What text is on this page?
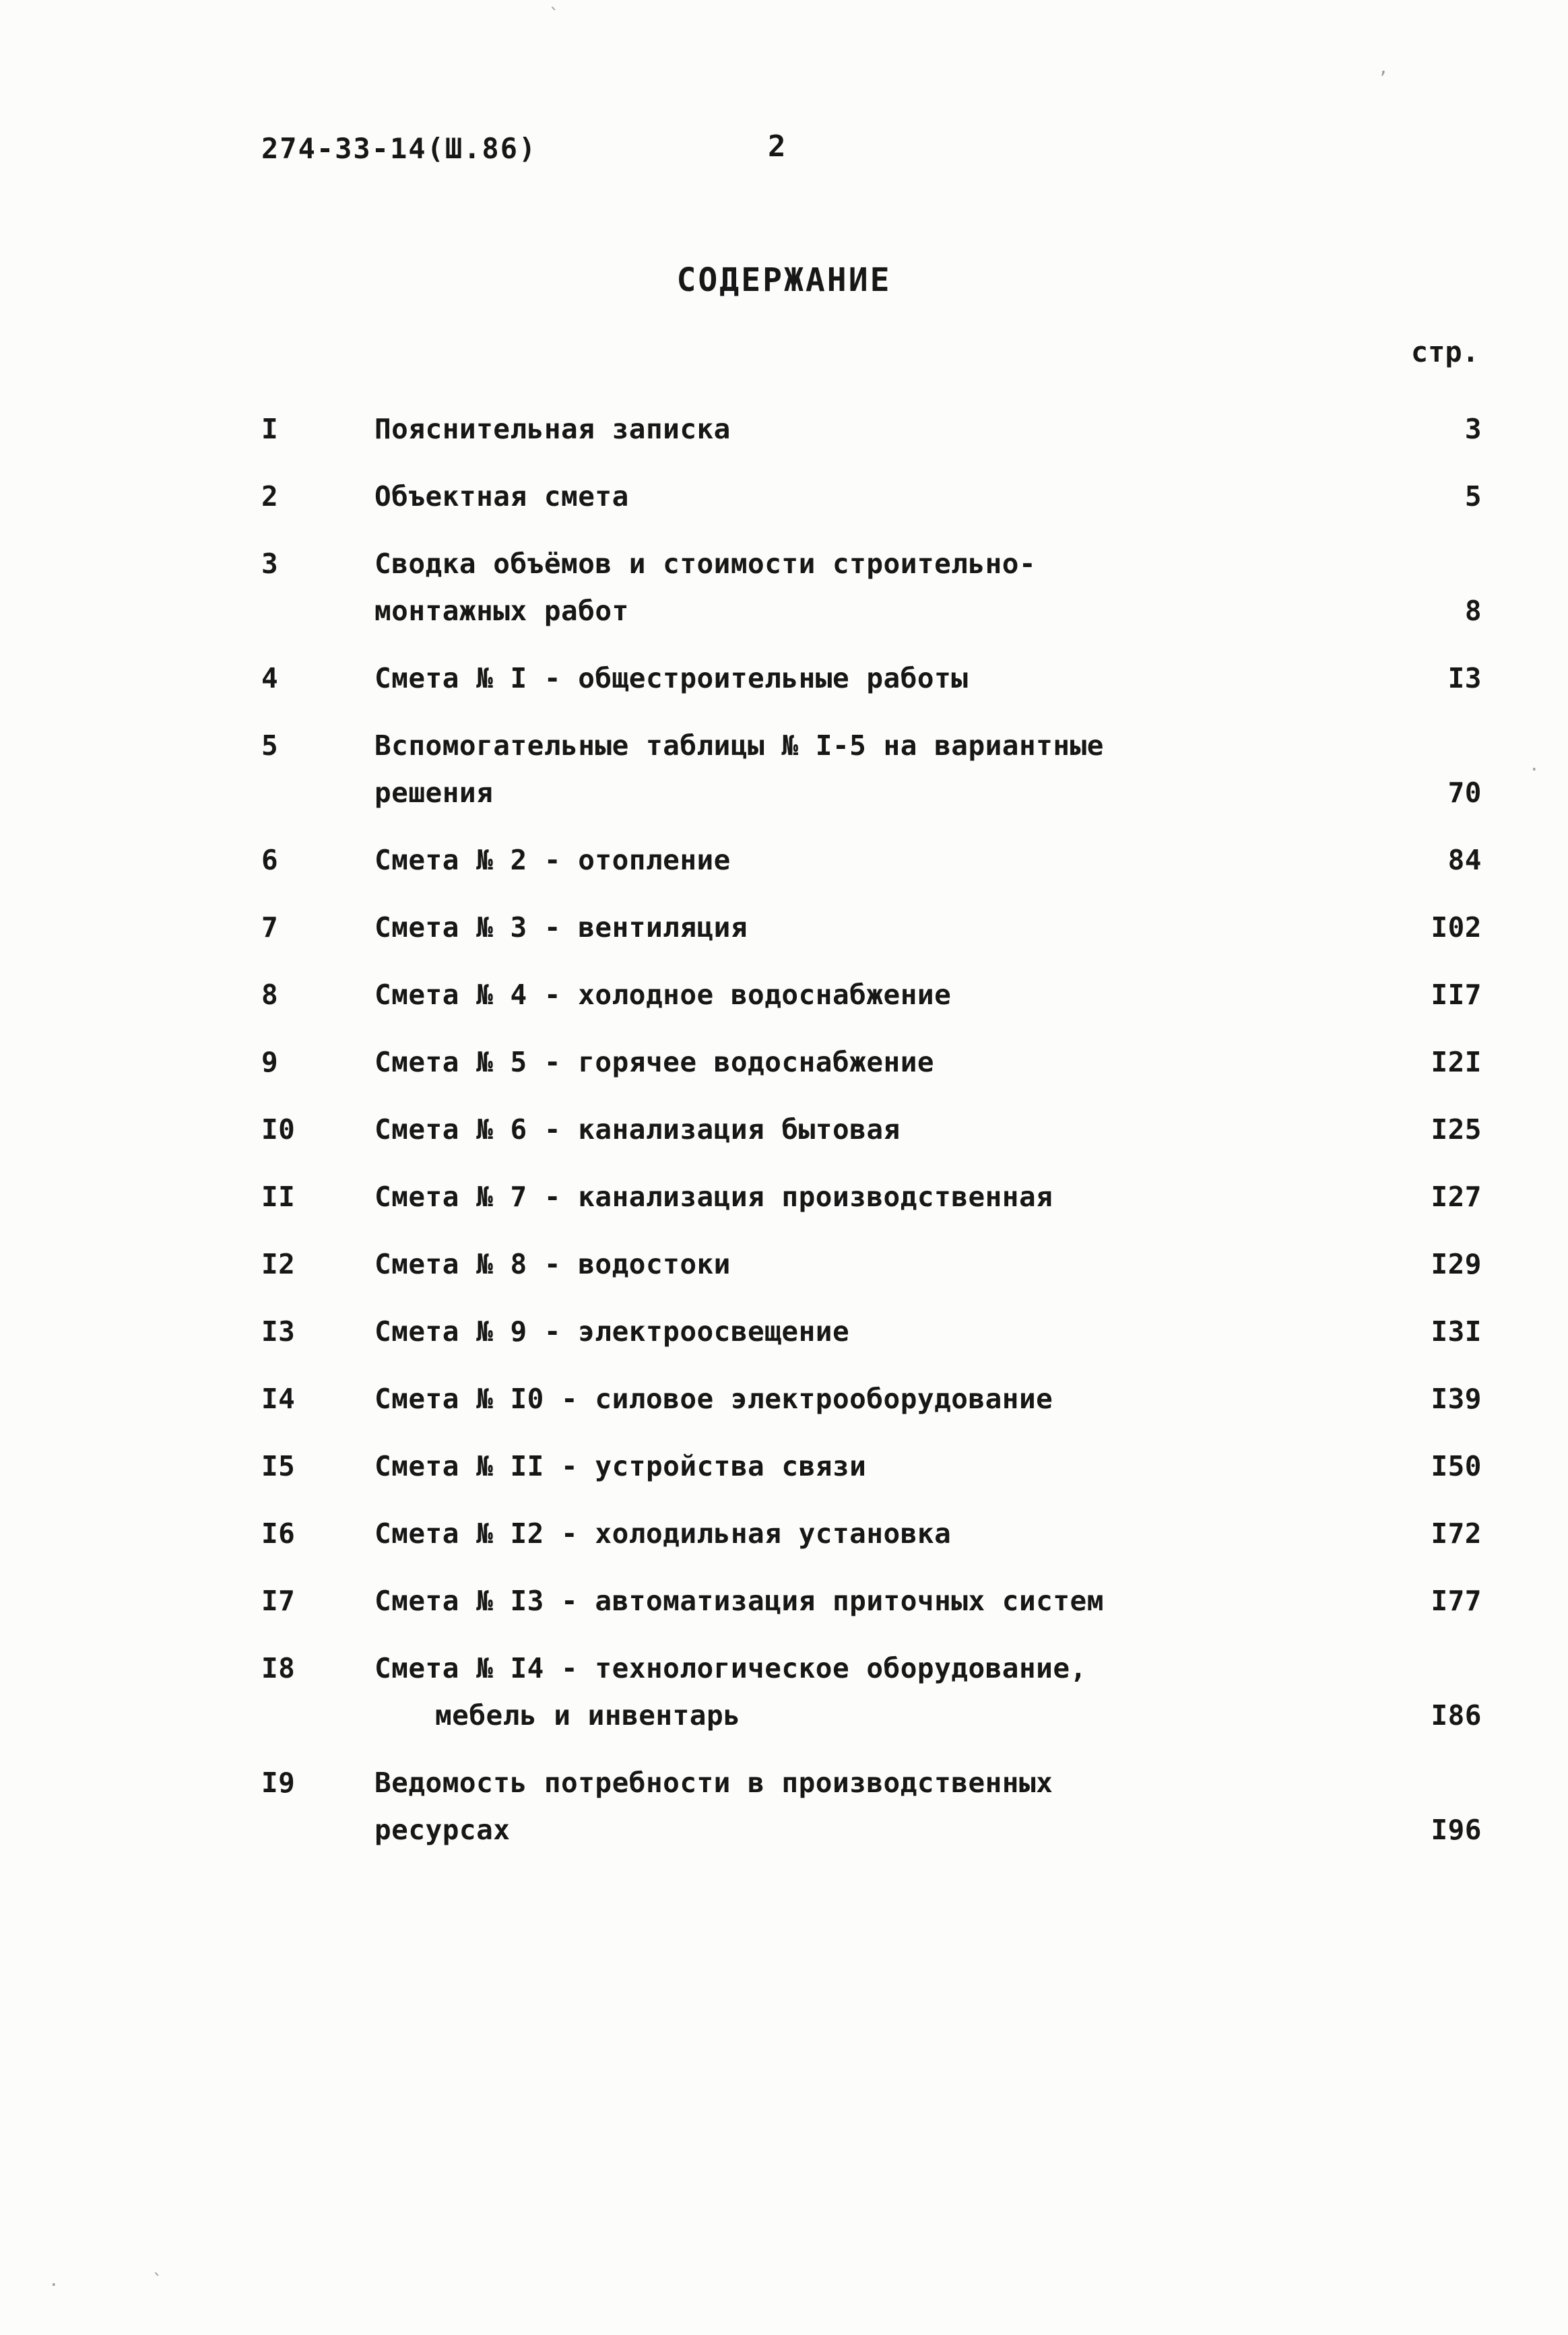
274-33-14(Ш.86)	2
СОДЕРЖАНИЕ
стр.
I	Пояснительная записка	3
2	Объектная смета	5
3	Сводка объёмов и стоимости строительно-
монтажных работ	8
4	Смета № I - общестроительные работы	I3
5	Вспомогательные таблицы № I-5 на вариантные
решения	70
6	Смета № 2 - отопление	84
7	Смета № 3 - вентиляция	I02
8	Смета № 4 - холодное водоснабжение	II7
9	Смета № 5 - горячее водоснабжение	I2I
I0	Смета № 6 - канализация бытовая	I25
II	Смета № 7 - канализация производственная	I27
I2	Смета № 8 - водостоки	I29
I3	Смета № 9 - электроосвещение	I3I
I4	Смета № I0 - силовое электрооборудование	I39
I5	Смета № II - устройства связи	I50
I6	Смета № I2 - холодильная установка	I72
I7	Смета № I3 - автоматизация приточных систем	I77
I8	Смета № I4 - технологическое оборудование,
мебель и инвентарь	I86
I9	Ведомость потребности в производственных
ресурсах	I96
`
,
·
·	`
